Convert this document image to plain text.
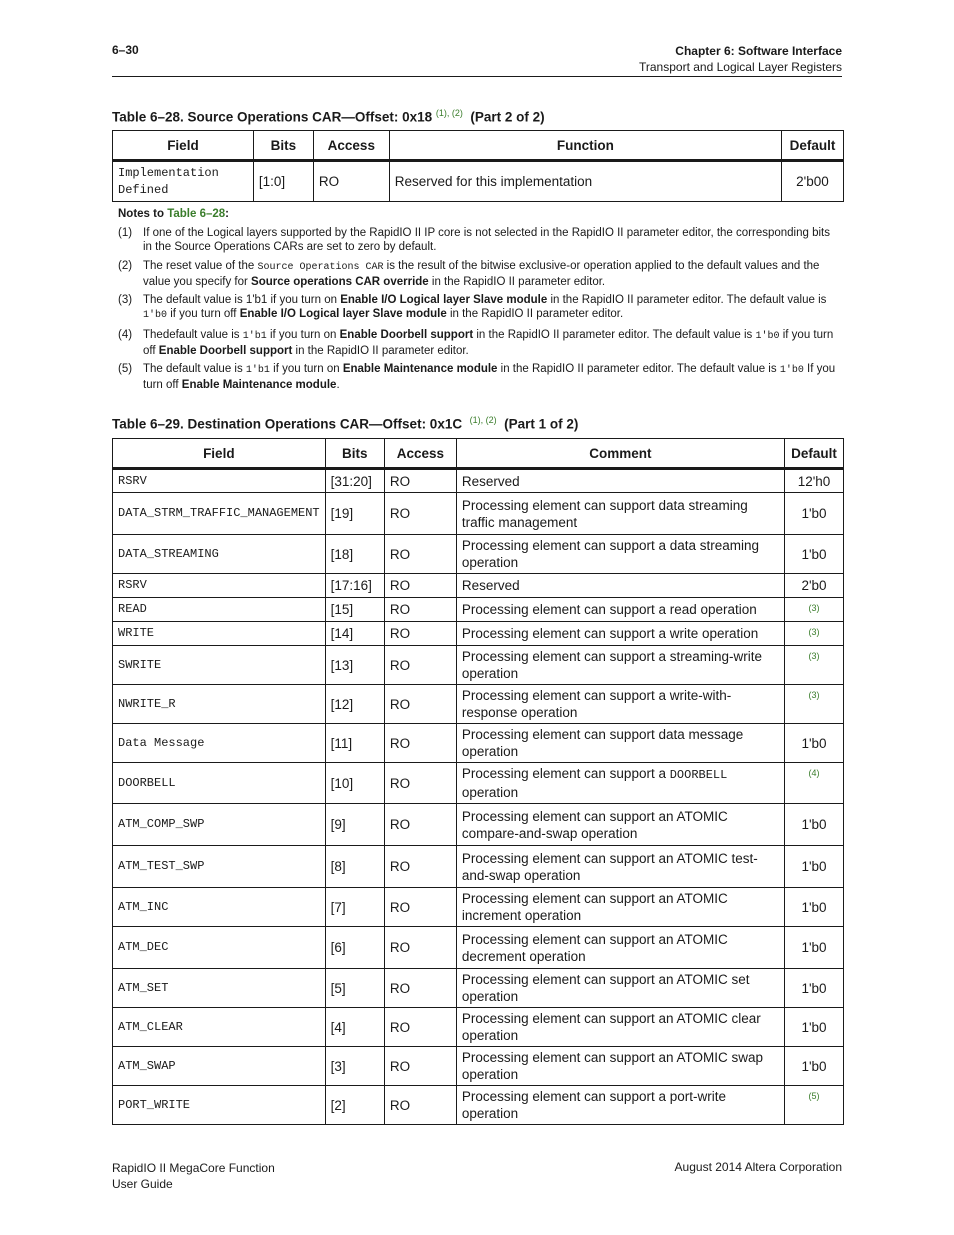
6–30	Chapter 6: Software Interface
Transport and Logical Layer Registers
Table 6–28. Source Operations CAR—Offset: 0x18 $^{(1), (2)}$ (Part 2 of 2)
Field	Bits	Access	Function	Default
Implementation Defined	[1:0]	RO	Reserved for this implementation	2'b00
Notes to Table 6–28:
(1) If one of the Logical layers supported by the RapidIO II IP core is not selected in the RapidIO II parameter editor, the corresponding bits in the Source Operations CARs are set to zero by default.
(2) The reset value of the Source Operations CAR is the result of the bitwise exclusive-or operation applied to the default values and the value you specify for Source operations CAR override in the RapidIO II parameter editor.
(3) The default value is 1'b1 if you turn on Enable I/O Logical layer Slave module in the RapidIO II parameter editor. The default value is 1'b0 if you turn off Enable I/O Logical layer Slave module in the RapidIO II parameter editor.
(4) Thedefault value is 1'b1 if you turn on Enable Doorbell support in the RapidIO II parameter editor. The default value is 1'b0 if you turn off Enable Doorbell support in the RapidIO II parameter editor.
(5) The default value is 1'b1 if you turn on Enable Maintenance module in the RapidIO II parameter editor. The default value is 1'b0 If you turn off Enable Maintenance module.
Table 6–29. Destination Operations CAR—Offset: 0x1C $^{(1), (2)}$ (Part 1 of 2)
Field	Bits	Access	Comment	Default
RSRV	[31:20]	RO	Reserved	12'h0
DATA_STRM_TRAFFIC_MANAGEMENT	[19]	RO	Processing element can support data streaming traffic management	1'b0
DATA_STREAMING	[18]	RO	Processing element can support a data streaming operation	1'b0
RSRV	[17:16]	RO	Reserved	2'b0
READ	[15]	RO	Processing element can support a read operation	(3)
WRITE	[14]	RO	Processing element can support a write operation	(3)
SWRITE	[13]	RO	Processing element can support a streaming-write operation	(3)
NWRITE_R	[12]	RO	Processing element can support a write-with-response operation	(3)
Data Message	[11]	RO	Processing element can support data message operation	1'b0
DOORBELL	[10]	RO	Processing element can support a DOORBELL operation	(4)
ATM_COMP_SWP	[9]	RO	Processing element can support an ATOMIC compare-and-swap operation	1'b0
ATM_TEST_SWP	[8]	RO	Processing element can support an ATOMIC test-and-swap operation	1'b0
ATM_INC	[7]	RO	Processing element can support an ATOMIC increment operation	1'b0
ATM_DEC	[6]	RO	Processing element can support an ATOMIC decrement operation	1'b0
ATM_SET	[5]	RO	Processing element can support an ATOMIC set operation	1'b0
ATM_CLEAR	[4]	RO	Processing element can support an ATOMIC clear operation	1'b0
ATM_SWAP	[3]	RO	Processing element can support an ATOMIC swap operation	1'b0
PORT_WRITE	[2]	RO	Processing element can support a port-write operation	(5)
RapidIO II MegaCore Function
User Guide
August 2014 Altera Corporation
